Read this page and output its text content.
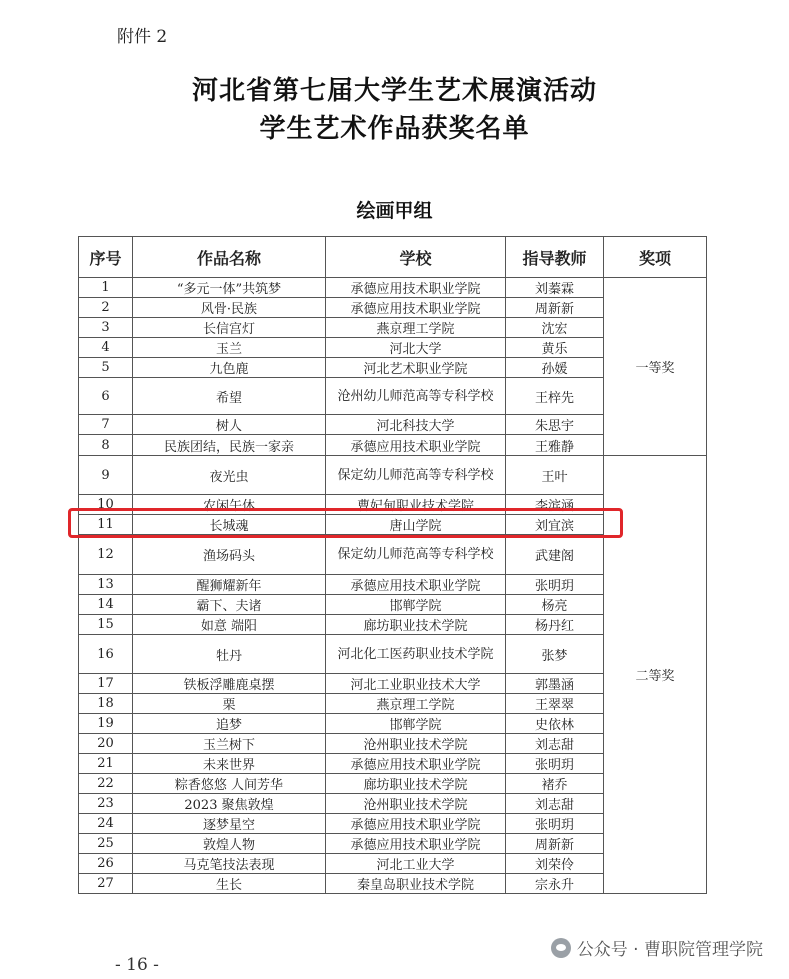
附件 2
河北省第七届大学生艺术展演活动
学生艺术作品获奖名单
绘画甲组
序号	作品名称	学校	指导教师	奖项
1	“多元一体”共筑梦	承德应用技术职业学院	刘蓁霖	一等奖
2	风骨·民族	承德应用技术职业学院	周新新	
3	长信宫灯	燕京理工学院	沈宏	
4	玉兰	河北大学	黄乐	
5	九色鹿	河北艺术职业学院	孙媛	
6	希望	沧州幼儿师范高等专科学校	王梓先	
7	树人	河北科技大学	朱思宇	
8	民族团结，民族一家亲	承德应用技术职业学院	王雅静	
9	夜光虫	保定幼儿师范高等专科学校	王叶	二等奖
10	农闲午休	曹妃甸职业技术学院	李滨涵	
11	长城魂	唐山学院	刘宜滨	
12	渔场码头	保定幼儿师范高等专科学校	武建阁	
13	醒狮耀新年	承德应用技术职业学院	张明玥	
14	霸下、夫诸	邯郸学院	杨亮	
15	如意 端阳	廊坊职业技术学院	杨丹红	
16	牡丹	河北化工医药职业技术学院	张梦	
17	铁板浮雕鹿桌摆	河北工业职业技术大学	郭墨涵	
18	栗	燕京理工学院	王翠翠	
19	追梦	邯郸学院	史依林	
20	玉兰树下	沧州职业技术学院	刘志甜	
21	未来世界	承德应用技术职业学院	张明玥	
22	粽香悠悠 人间芳华	廊坊职业技术学院	褚乔	
23	2023 聚焦敦煌	沧州职业技术学院	刘志甜	
24	逐梦星空	承德应用技术职业学院	张明玥	
25	敦煌人物	承德应用技术职业学院	周新新	
26	马克笔技法表现	河北工业大学	刘荣伶	
27	生长	秦皇岛职业技术学院	宗永升	
- 16 -
公众号 · 曹职院管理学院
